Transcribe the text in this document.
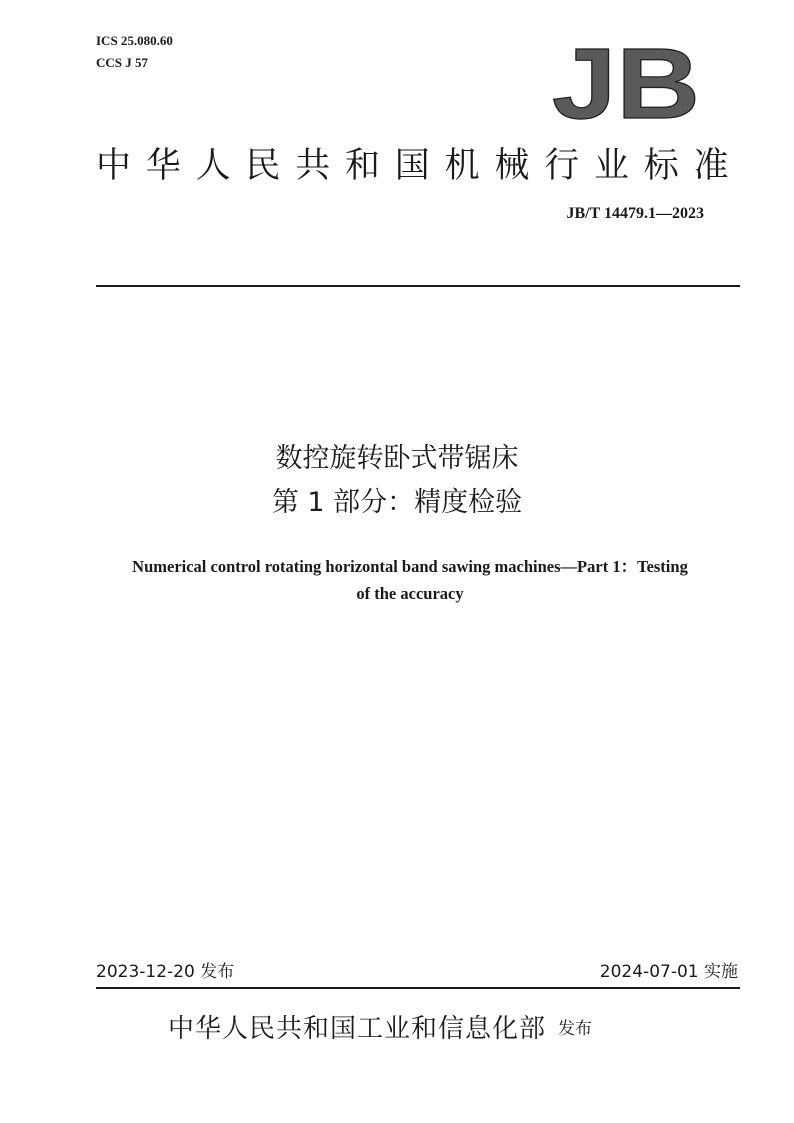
ICS 25.080.60
CCS J 57	JB
中华人民共和国机械行业标准
JB/T 14479.1—2023
数控旋转卧式带锯床
第 1 部分：精度检验
Numerical control rotating horizontal band sawing machines—Part 1：Testing
of the accuracy
2023-12-20 发布	2024-07-01 实施
中华人民共和国工业和信息化部 发布
